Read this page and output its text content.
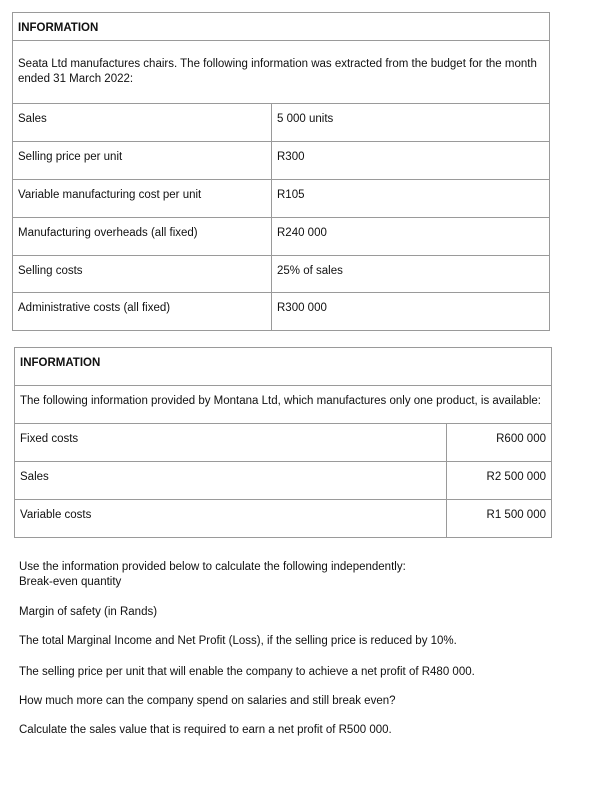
INFORMATION	
Seata Ltd manufactures chairs. The following information was extracted from the budget for the month ended 31 March 2022:	
Sales	5 000 units
Selling price per unit	R300
Variable manufacturing cost per unit	R105
Manufacturing overheads (all fixed)	R240 000
Selling costs	25% of sales
Administrative costs (all fixed)	R300 000
INFORMATION	
The following information provided by Montana Ltd, which manufactures only one product, is available:	
Fixed costs	R600 000
Sales	R2 500 000
Variable costs	R1 500 000

Use the information provided below to calculate the following independently:

Break-even quantity

Margin of safety (in Rands)

The total Marginal Income and Net Profit (Loss), if the selling price is reduced by 10%.

The selling price per unit that will enable the company to achieve a net profit of R480 000.

How much more can the company spend on salaries and still break even?

Calculate the sales value that is required to earn a net profit of R500 000.
